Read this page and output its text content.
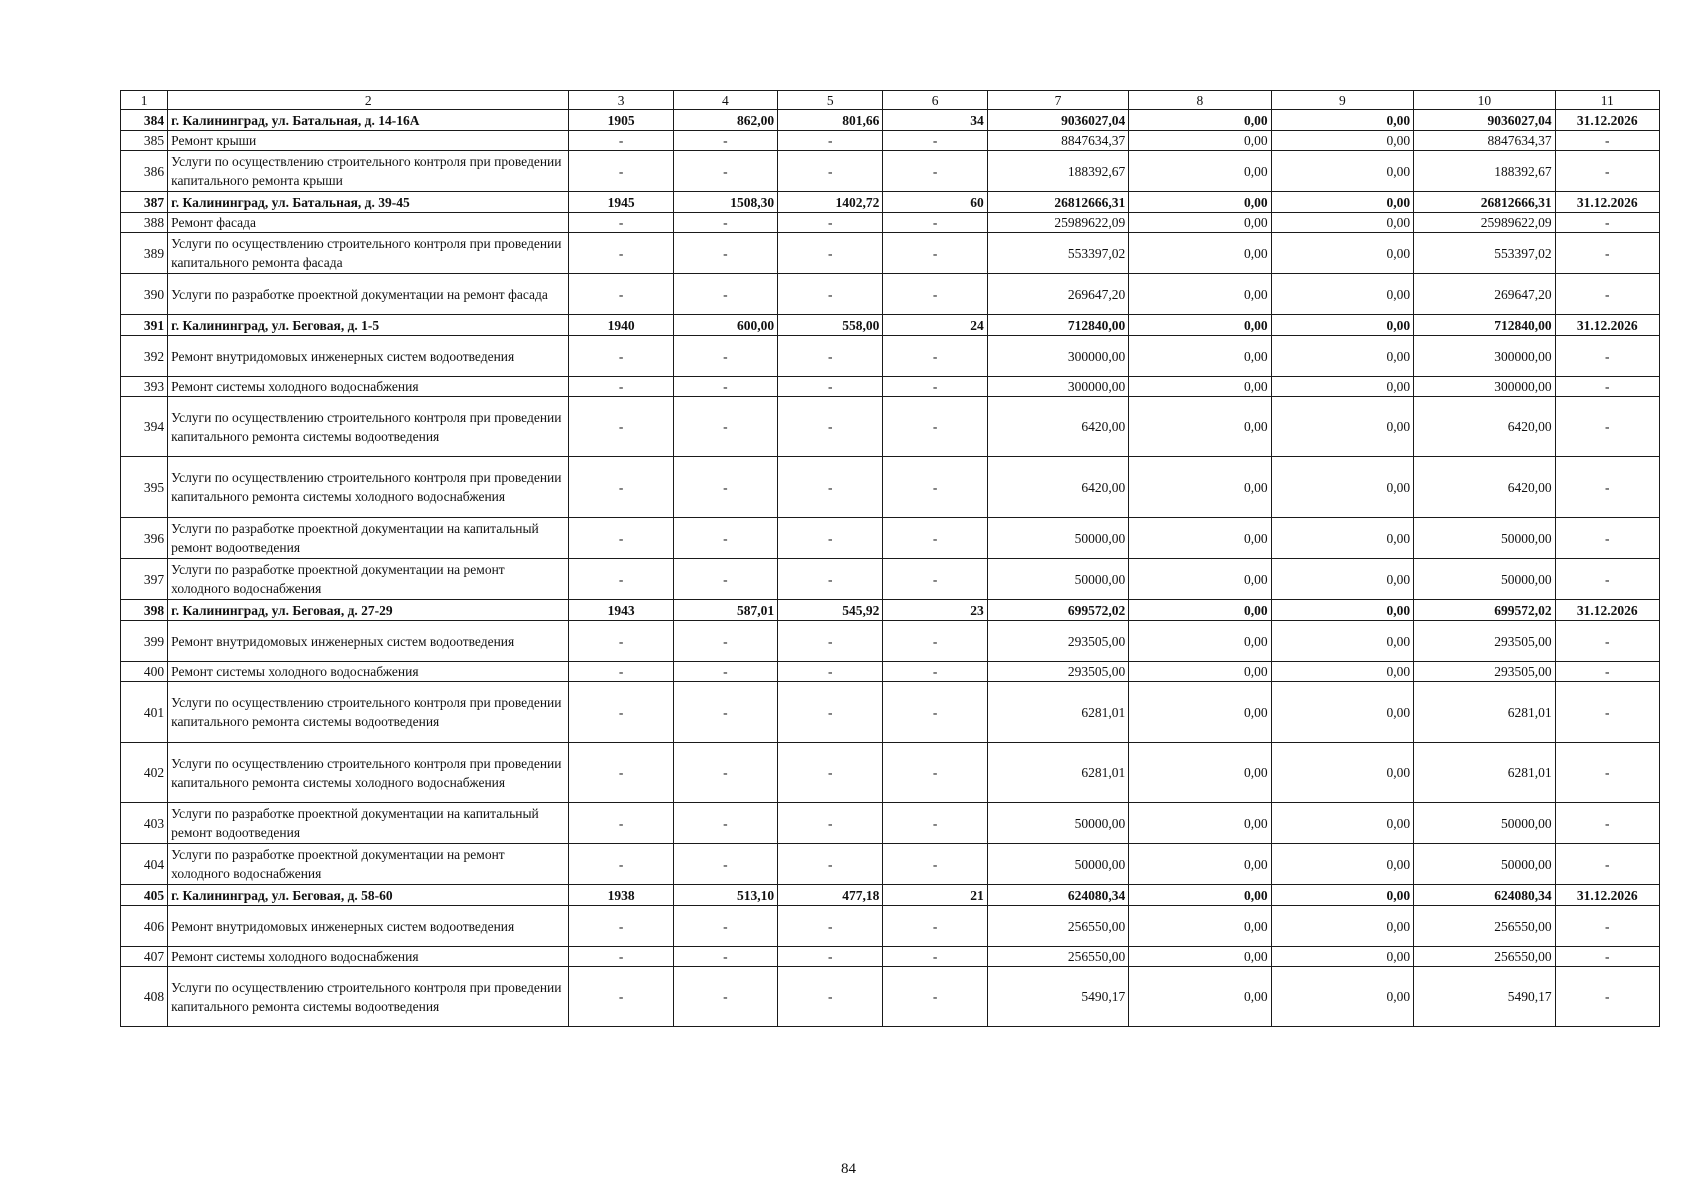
1	2	3	4	5	6	7	8	9	10	11
384	г. Калининград, ул. Батальная, д. 14-16А	1905	862,00	801,66	34	9036027,04	0,00	0,00	9036027,04	31.12.2026
385	Ремонт крыши	-	-	-	-	8847634,37	0,00	0,00	8847634,37	-
386	Услуги по осуществлению строительного контроля при проведении капитального ремонта крыши	-	-	-	-	188392,67	0,00	0,00	188392,67	-
387	г. Калининград, ул. Батальная, д. 39-45	1945	1508,30	1402,72	60	26812666,31	0,00	0,00	26812666,31	31.12.2026
388	Ремонт фасада	-	-	-	-	25989622,09	0,00	0,00	25989622,09	-
389	Услуги по осуществлению строительного контроля при проведении капитального ремонта фасада	-	-	-	-	553397,02	0,00	0,00	553397,02	-
390	Услуги по разработке проектной документации на ремонт фасада	-	-	-	-	269647,20	0,00	0,00	269647,20	-
391	г. Калининград, ул. Беговая, д. 1-5	1940	600,00	558,00	24	712840,00	0,00	0,00	712840,00	31.12.2026
392	Ремонт внутридомовых инженерных систем водоотведения	-	-	-	-	300000,00	0,00	0,00	300000,00	-
393	Ремонт системы холодного водоснабжения	-	-	-	-	300000,00	0,00	0,00	300000,00	-
394	Услуги по осуществлению строительного контроля при проведении капитального ремонта системы водоотведения	-	-	-	-	6420,00	0,00	0,00	6420,00	-
395	Услуги по осуществлению строительного контроля при проведении капитального ремонта системы холодного водоснабжения	-	-	-	-	6420,00	0,00	0,00	6420,00	-
396	Услуги по разработке проектной документации на капитальный ремонт водоотведения	-	-	-	-	50000,00	0,00	0,00	50000,00	-
397	Услуги по разработке проектной документации на ремонт холодного водоснабжения	-	-	-	-	50000,00	0,00	0,00	50000,00	-
398	г. Калининград, ул. Беговая, д. 27-29	1943	587,01	545,92	23	699572,02	0,00	0,00	699572,02	31.12.2026
399	Ремонт внутридомовых инженерных систем водоотведения	-	-	-	-	293505,00	0,00	0,00	293505,00	-
400	Ремонт системы холодного водоснабжения	-	-	-	-	293505,00	0,00	0,00	293505,00	-
401	Услуги по осуществлению строительного контроля при проведении капитального ремонта системы водоотведения	-	-	-	-	6281,01	0,00	0,00	6281,01	-
402	Услуги по осуществлению строительного контроля при проведении капитального ремонта системы холодного водоснабжения	-	-	-	-	6281,01	0,00	0,00	6281,01	-
403	Услуги по разработке проектной документации на капитальный ремонт водоотведения	-	-	-	-	50000,00	0,00	0,00	50000,00	-
404	Услуги по разработке проектной документации на ремонт холодного водоснабжения	-	-	-	-	50000,00	0,00	0,00	50000,00	-
405	г. Калининград, ул. Беговая, д. 58-60	1938	513,10	477,18	21	624080,34	0,00	0,00	624080,34	31.12.2026
406	Ремонт внутридомовых инженерных систем водоотведения	-	-	-	-	256550,00	0,00	0,00	256550,00	-
407	Ремонт системы холодного водоснабжения	-	-	-	-	256550,00	0,00	0,00	256550,00	-
408	Услуги по осуществлению строительного контроля при проведении капитального ремонта системы водоотведения	-	-	-	-	5490,17	0,00	0,00	5490,17	-
84
